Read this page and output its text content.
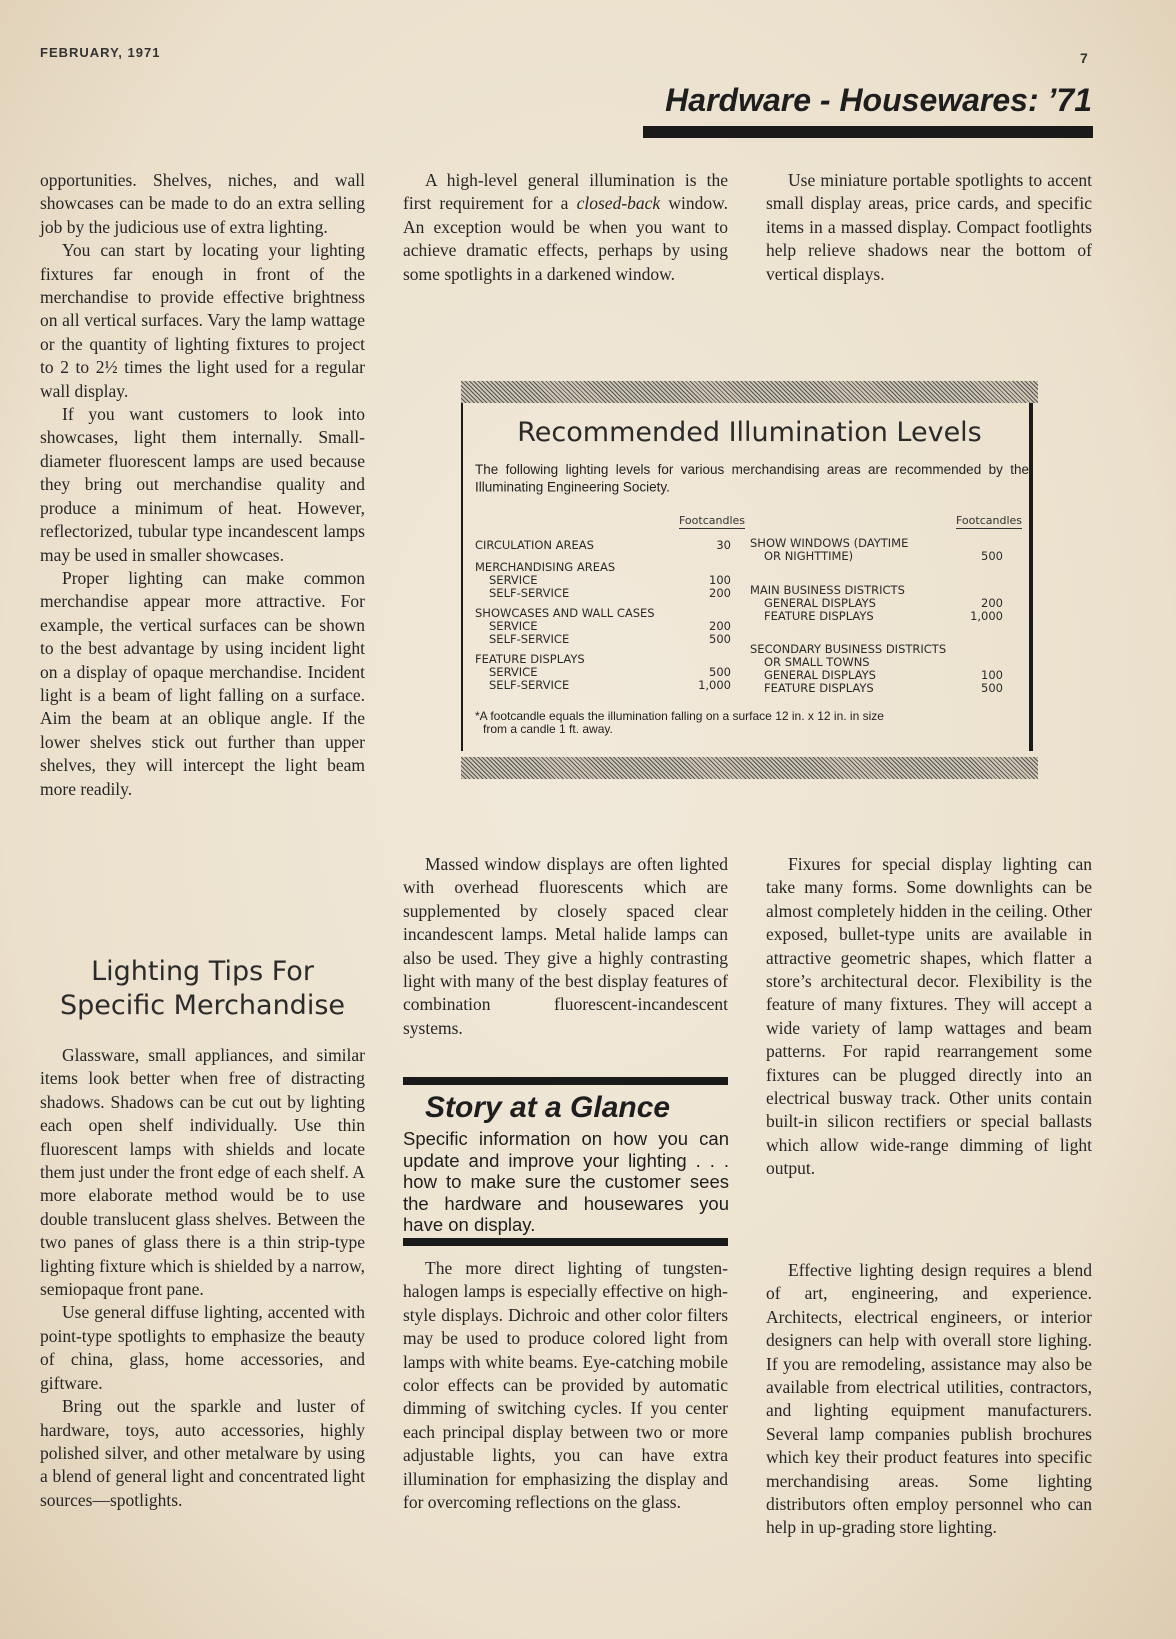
FEBRUARY, 1971	7
Hardware - Housewares: ’71

opportunities. Shelves, niches, and wall showcases can be made to do an extra selling job by the judicious use of extra lighting.

You can start by locating your lighting fixtures far enough in front of the merchandise to provide effective brightness on all vertical surfaces. Vary the lamp wattage or the quantity of lighting fixtures to project to 2 to 2½ times the light used for a regular wall display.

If you want customers to look into showcases, light them internally. Small-diameter fluorescent lamps are used because they bring out merchandise quality and produce a minimum of heat. However, reflectorized, tubular type incandescent lamps may be used in smaller showcases.

Proper lighting can make common merchandise appear more attractive. For example, the vertical surfaces can be shown to the best advantage by using incident light on a display of opaque merchandise. Incident light is a beam of light falling on a surface. Aim the beam at an oblique angle. If the lower shelves stick out further than upper shelves, they will intercept the light beam more readily.

Lighting Tips For Specific Merchandise

Glassware, small appliances, and similar items look better when free of distracting shadows. Shadows can be cut out by lighting each open shelf individually. Use thin fluorescent lamps with shields and locate them just under the front edge of each shelf. A more elaborate method would be to use double translucent glass shelves. Between the two panes of glass there is a thin strip-type lighting fixture which is shielded by a narrow, semiopaque front pane.

Use general diffuse lighting, accented with point-type spotlights to emphasize the beauty of china, glass, home accessories, and giftware.

Bring out the sparkle and luster of hardware, toys, auto accessories, highly polished silver, and other metalware by using a blend of general light and concentrated light sources—spotlights.

A high-level general illumination is the first requirement for a closed-back window. An exception would be when you want to achieve dramatic effects, perhaps by using some spotlights in a darkened window.

Massed window displays are often lighted with overhead fluorescents which are supplemented by closely spaced clear incandescent lamps. Metal halide lamps can also be used. They give a highly contrasting light with many of the best display features of combination fluorescent-incandescent systems.

Story at a Glance
Specific information on how you can update and improve your lighting . . . how to make sure the customer sees the hardware and housewares you have on display.

The more direct lighting of tungsten-halogen lamps is especially effective on high-style displays. Dichroic and other color filters may be used to produce colored light from lamps with white beams. Eye-catching mobile color effects can be provided by automatic dimming of switching cycles. If you center each principal display between two or more adjustable lights, you can have extra illumination for emphasizing the display and for overcoming reflections on the glass.

Use miniature portable spotlights to accent small display areas, price cards, and specific items in a massed display. Compact footlights help relieve shadows near the bottom of vertical displays.

Fixures for special display lighting can take many forms. Some downlights can be almost completely hidden in the ceiling. Other exposed, bullet-type units are available in attractive geometric shapes, which flatter a store’s architectural decor. Flexibility is the feature of many fixtures. They will accept a wide variety of lamp wattages and beam patterns. For rapid rearrangement some fixtures can be plugged directly into an electrical busway track. Other units contain built-in silicon rectifiers or special ballasts which allow wide-range dimming of light output.

Effective lighting design requires a blend of art, engineering, and experience. Architects, electrical engineers, or interior designers can help with overall store lighing. If you are remodeling, assistance may also be available from electrical utilities, contractors, and lighting equipment manufacturers. Several lamp companies publish brochures which key their product features into specific merchandising areas. Some lighting distributors often employ personnel who can help in up-grading store lighting.

Recommended Illumination Levels
The following lighting levels for various merchandising areas are recommended by the Illuminating Engineering Society.
Footcandles	Footcandles
CIRCULATION AREAS	30
MERCHANDISING AREAS
SERVICE	100
SELF-SERVICE	200
SHOWCASES AND WALL CASES
SERVICE	200
SELF-SERVICE	500
FEATURE DISPLAYS
SERVICE	500
SELF-SERVICE	1,000
SHOW WINDOWS (DAYTIME
OR NIGHTTIME)	500
MAIN BUSINESS DISTRICTS
GENERAL DISPLAYS	200
FEATURE DISPLAYS	1,000
SECONDARY BUSINESS DISTRICTS
OR SMALL TOWNS
GENERAL DISPLAYS	100
FEATURE DISPLAYS	500
*A footcandle equals the illumination falling on a surface 12 in. x 12 in. in size
from a candle 1 ft. away.
